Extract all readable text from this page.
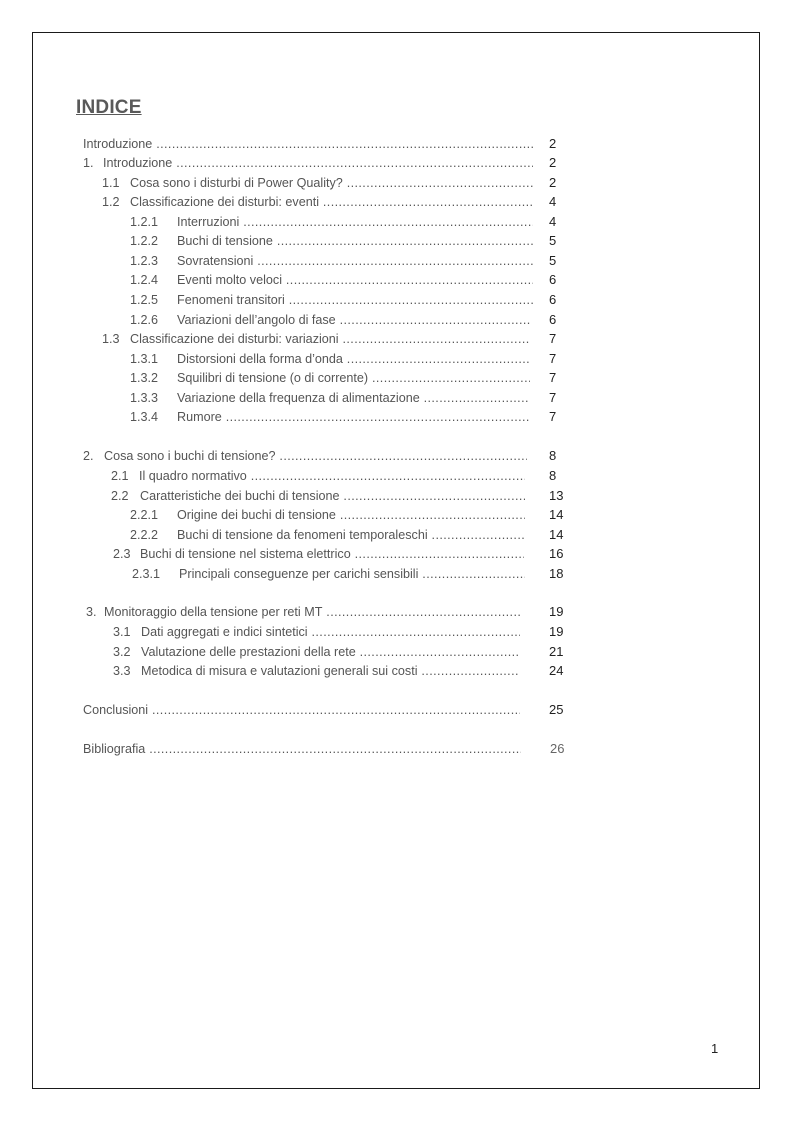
INDICE
Introduzione .....	2
1. Introduzione .....	2
1.1 Cosa sono i disturbi di Power Quality? .....	2
1.2 Classificazione dei disturbi: eventi .....	4
1.2.1 Interruzioni .....	4
1.2.2 Buchi di tensione .....	5
1.2.3 Sovratensioni .....	5
1.2.4 Eventi molto veloci .....	6
1.2.5 Fenomeni transitori .....	6
1.2.6 Variazioni dell’angolo di fase .....	6
1.3 Classificazione dei disturbi: variazioni .....	7
1.3.1 Distorsioni della forma d’onda .....	7
1.3.2 Squilibri di tensione (o di corrente) .....	7
1.3.3 Variazione della frequenza di alimentazione .....	7
1.3.4 Rumore .....	7
2. Cosa sono i buchi di tensione? .....	8
2.1 Il quadro normativo .....	8
2.2 Caratteristiche dei buchi di tensione .....	13
2.2.1 Origine dei buchi di tensione .....	14
2.2.2 Buchi di tensione da fenomeni temporaleschi .....	14
2.3 Buchi di tensione nel sistema elettrico .....	16
2.3.1 Principali conseguenze per carichi sensibili .....	18
3. Monitoraggio della tensione per reti MT .....	19
3.1 Dati aggregati e indici sintetici .....	19
3.2 Valutazione delle prestazioni della rete .....	21
3.3 Metodica di misura e valutazioni generali sui costi .....	24
Conclusioni .....	25
Bibliografia .....	26
1
